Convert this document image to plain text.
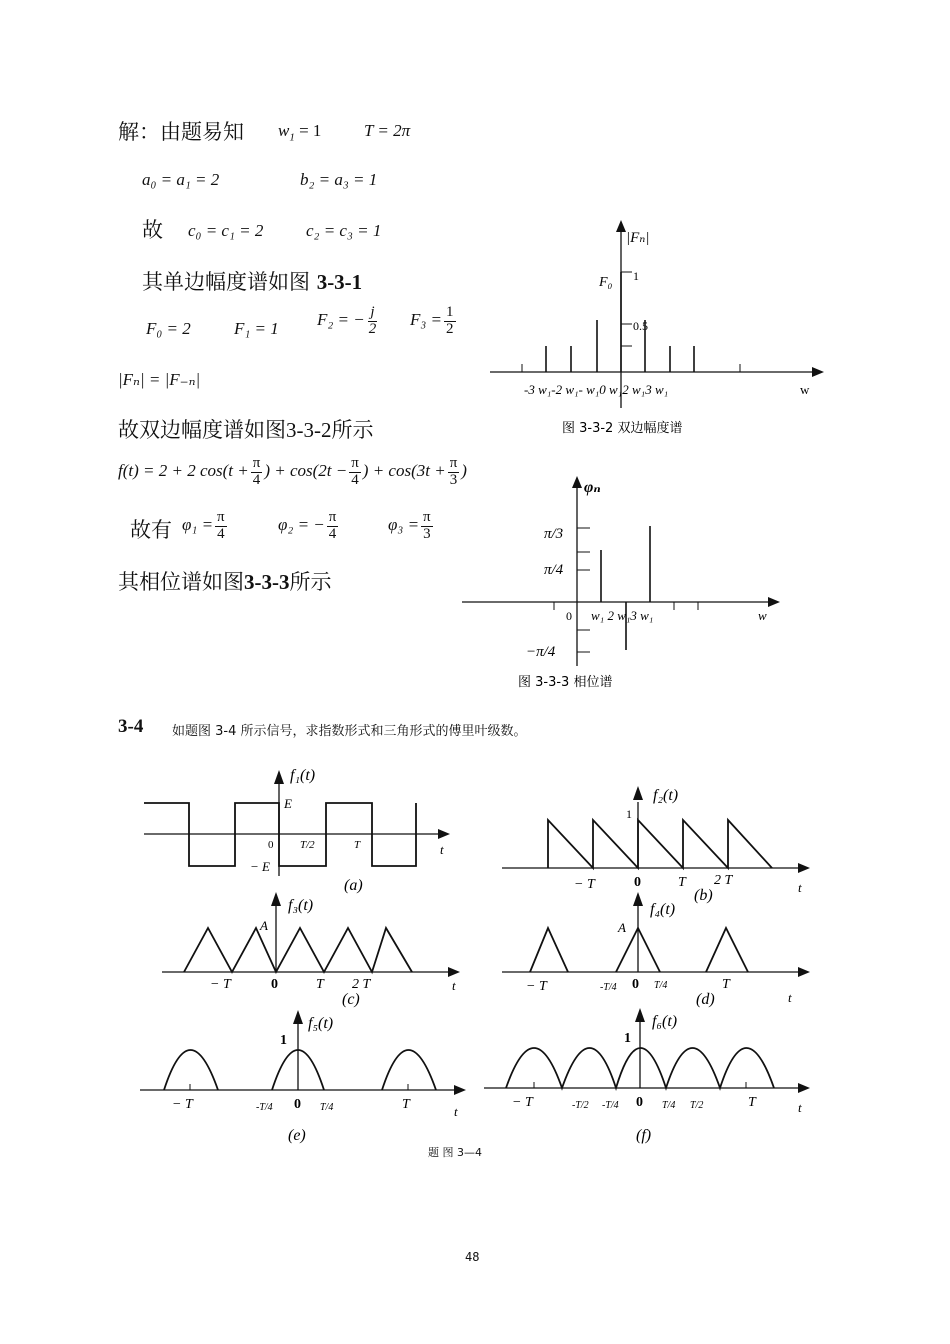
解：由题易知 $w_1 = 1$	T = 2π
a₀ = a₁ = 2	b₂ = a₃ = 1
故 c₀ = c₁ = 2	c₂ = c₃ = 1
其单边幅度谱如图 3-3-1
F₀ = 2	F₁ = 1 F₂ = − $\frac{j}{2} F_3 = \frac{1}{2}$
|Fₙ| = |F₋ₙ|
故双边幅度谱如图3-3-2所示
f(t) = 2 + 2 $\cos(t + \frac{\pi}{4}$ ) + $\cos(2t - \frac{\pi}{4}$ ) + $\cos(3t + \frac{\pi}{3}$ )
故有 $\varphi_1 = \frac{\pi}{4}$	φ₂ = − $\frac{\pi}{4}$	$\varphi_3 = \frac{\pi}{3}$
其相位谱如图3-3-3所示
|Fₙ|
F₀ 1
0.5
-3 w₁-2 w₁- w₁0 w₁2 w₁3 w₁	w
图 3-3-2 双边幅度谱
φₙ
π/3
π/4
−π/4
0 w₁ 2 w₁3 w₁	w
图 3-3-3 相位谱
3-4 如题图 3-4 所示信号，求指数形式和三角形式的傅里叶级数。
f₁(t)
E
− E
0 T/2	T	t
(a)
f₂(t)
1
− T	0	T 2 T	t
(b)
f₃(t)
A
− T	0	T 2 T	t
(c)
f₄(t)
A
− T	-T/4 0 T/4	T
t
(d)
f₅(t)
1
− T	-T/4 0 T/4	T	t
(e)
f₆(t)
1
− T	-T/2 -T/4 0 T/4 T/2	T	t
(f)
题 图 3—4
48
